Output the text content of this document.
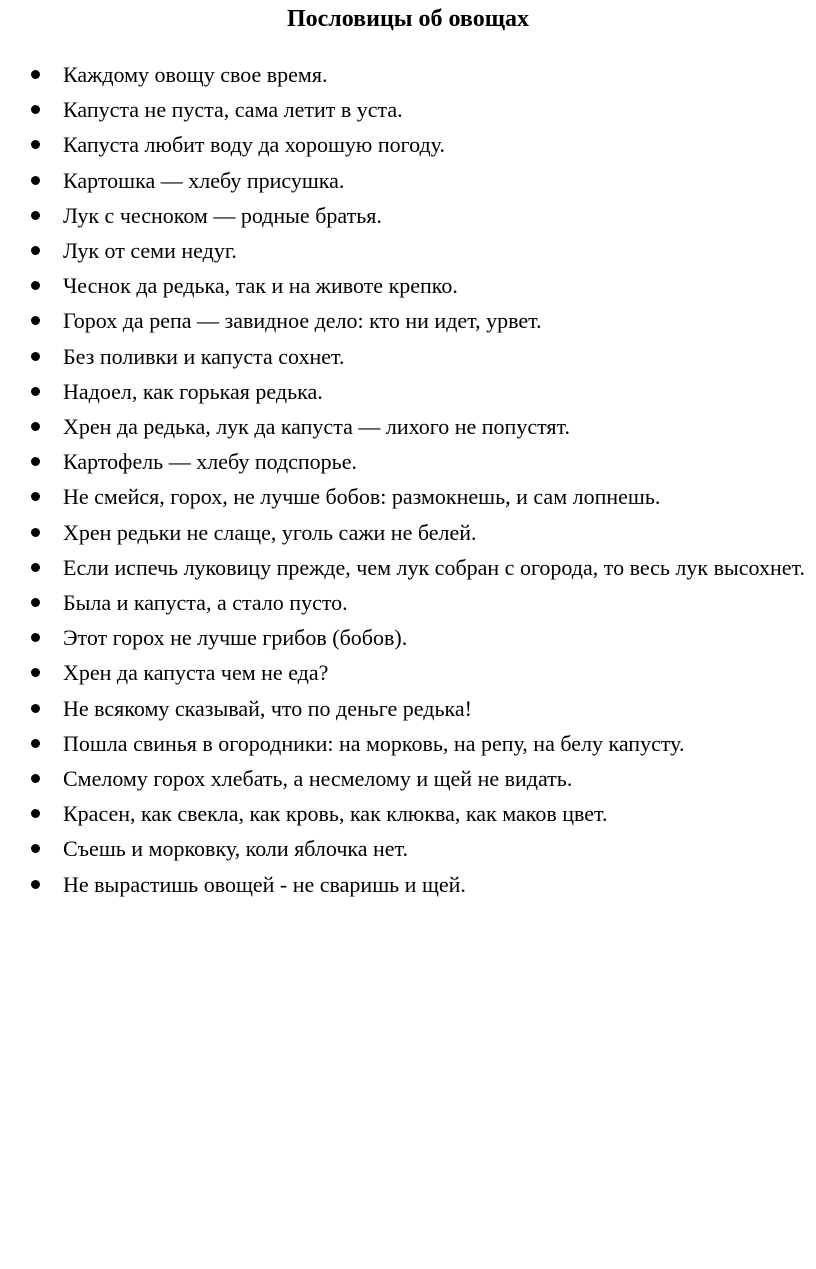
Пословицы об овощах
Каждому овощу свое время.
Капуста не пуста, сама летит в уста.
Капуста любит воду да хорошую погоду.
Картошка — хлебу присушка.
Лук с чесноком — родные братья.
Лук от семи недуг.
Чеснок да редька, так и на животе крепко.
Горох да репа — завидное дело: кто ни идет, урвет.
Без поливки и капуста сохнет.
Надоел, как горькая редька.
Хрен да редька, лук да капуста — лихого не попустят.
Картофель — хлебу подспорье.
Не смейся, горох, не лучше бобов: размокнешь, и сам лопнешь.
Хрен редьки не слаще, уголь сажи не белей.
Если испечь луковицу прежде, чем лук собран с огорода, то весь лук высохнет.
Была и капуста, а стало пусто.
Этот горох не лучше грибов (бобов).
Хрен да капуста чем не еда?
Не всякому сказывай, что по деньге редька!
Пошла свинья в огородники: на морковь, на репу, на белу капусту.
Смелому горох хлебать, а несмелому и щей не видать.
Красен, как свекла, как кровь, как клюква, как маков цвет.
Съешь и морковку, коли яблочка нет.
Не вырастишь овощей - не сваришь и щей.
